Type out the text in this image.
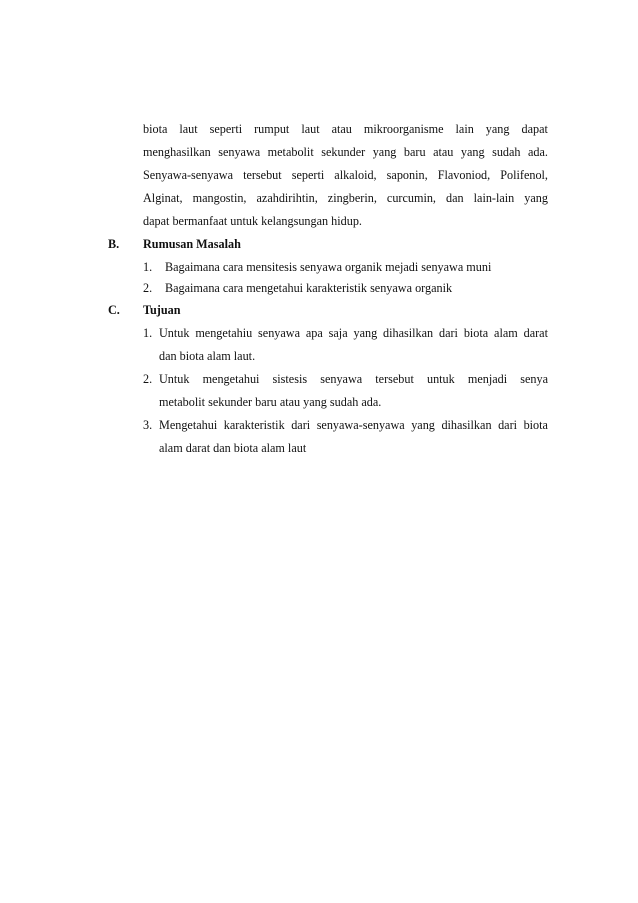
biota laut seperti rumput laut atau mikroorganisme lain yang dapat
menghasilkan senyawa metabolit sekunder yang baru atau yang sudah ada.
Senyawa-senyawa tersebut seperti alkaloid, saponin, Flavoniod, Polifenol,
Alginat, mangostin, azahdirihtin, zingberin, curcumin, dan lain-lain yang
dapat bermanfaat untuk kelangsungan hidup.
B. Rumusan Masalah
1. Bagaimana cara mensitesis senyawa organik mejadi senyawa muni
2. Bagaimana cara mengetahui karakteristik senyawa organik
C. Tujuan
1. Untuk mengetahiu senyawa apa saja yang dihasilkan dari biota alam darat
dan biota alam laut.
2. Untuk mengetahui sistesis senyawa tersebut untuk menjadi senya
metabolit sekunder baru atau yang sudah ada.
3. Mengetahui karakteristik dari senyawa-senyawa yang dihasilkan dari biota
alam darat dan biota alam laut
